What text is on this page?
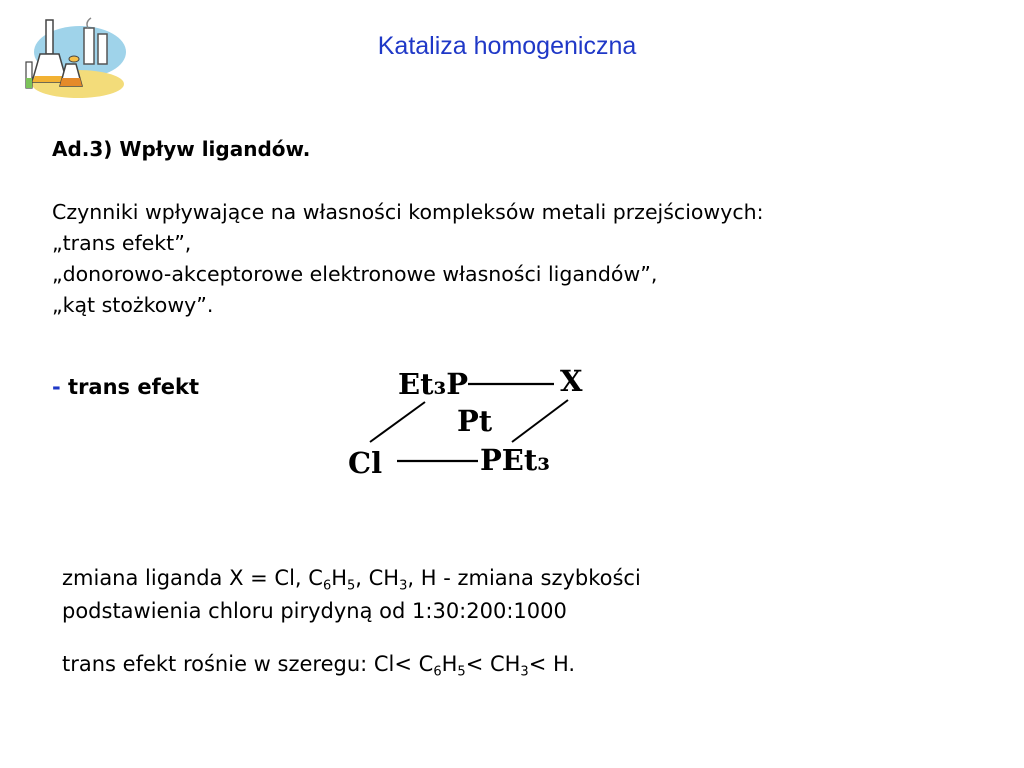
Kataliza homogeniczna
Ad.3) Wpływ ligandów.
Czynniki wpływające na własności kompleksów metali przejściowych:
„trans efekt”,
„donorowo-akceptorowe elektronowe własności ligandów”,
„kąt stożkowy”.
- trans efekt	Et₃P	X
Pt
Cl	PEt₃

zmiana liganda X = Cl, $C_6H_5$, $CH_3$, H - zmiana szybkości

podstawienia chloru pirydyną od 1:30:200:1000

trans efekt rośnie w szeregu: $Cl< C_6H_5< CH_3< H$.
